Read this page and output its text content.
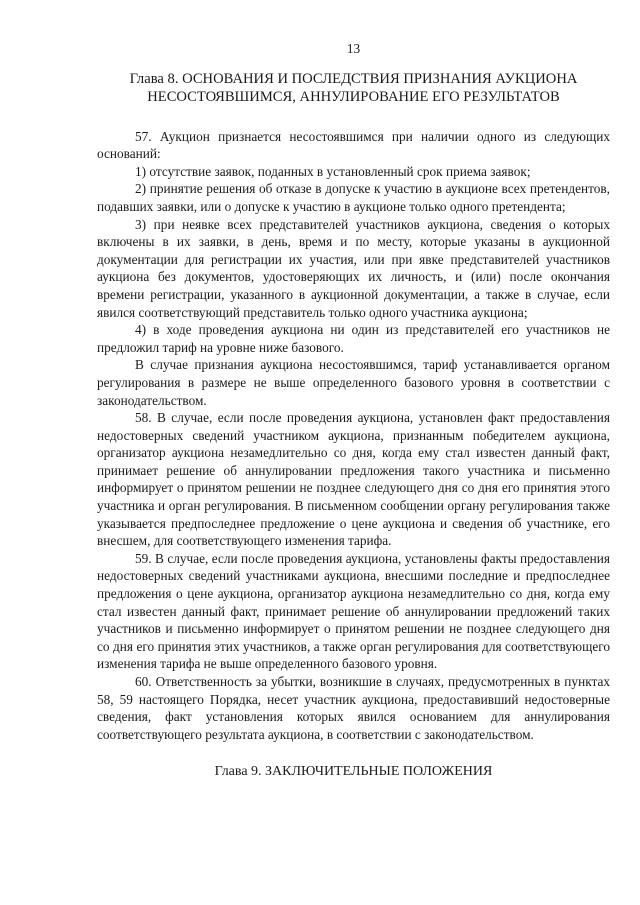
13
Глава 8. ОСНОВАНИЯ И ПОСЛЕДСТВИЯ ПРИЗНАНИЯ АУКЦИОНА
НЕСОСТОЯВШИМСЯ, АННУЛИРОВАНИЕ ЕГО РЕЗУЛЬТАТОВ

57. Аукцион признается несостоявшимся при наличии одного из следующих оснований:

1) отсутствие заявок, поданных в установленный срок приема заявок;

2) принятие решения об отказе в допуске к участию в аукционе всех претендентов, подавших заявки, или о допуске к участию в аукционе только одного претендента;

3) при неявке всех представителей участников аукциона, сведения о которых включены в их заявки, в день, время и по месту, которые указаны в аукционной документации для регистрации их участия, или при явке представителей участников аукциона без документов, удостоверяющих их личность, и (или) после окончания времени регистрации, указанного в аукционной документации, а также в случае, если явился соответствующий представитель только одного участника аукциона;

4) в ходе проведения аукциона ни один из представителей его участников не предложил тариф на уровне ниже базового.

В случае признания аукциона несостоявшимся, тариф устанавливается органом регулирования в размере не выше определенного базового уровня в соответствии с законодательством.

58. В случае, если после проведения аукциона, установлен факт предоставления недостоверных сведений участником аукциона, признанным победителем аукциона, организатор аукциона незамедлительно со дня, когда ему стал известен данный факт, принимает решение об аннулировании предложения такого участника и письменно информирует о принятом решении не позднее следующего дня со дня его принятия этого участника и орган регулирования. В письменном сообщении органу регулирования также указывается предпоследнее предложение о цене аукциона и сведения об участнике, его внесшем, для соответствующего изменения тарифа.

59. В случае, если после проведения аукциона, установлены факты предоставления недостоверных сведений участниками аукциона, внесшими последние и предпоследнее предложения о цене аукциона, организатор аукциона незамедлительно со дня, когда ему стал известен данный факт, принимает решение об аннулировании предложений таких участников и письменно информирует о принятом решении не позднее следующего дня со дня его принятия этих участников, а также орган регулирования для соответствующего изменения тарифа не выше определенного базового уровня.

60. Ответственность за убытки, возникшие в случаях, предусмотренных в пунктах 58, 59 настоящего Порядка, несет участник аукциона, предоставивший недостоверные сведения, факт установления которых явился основанием для аннулирования соответствующего результата аукциона, в соответствии с законодательством.

Глава 9. ЗАКЛЮЧИТЕЛЬНЫЕ ПОЛОЖЕНИЯ
